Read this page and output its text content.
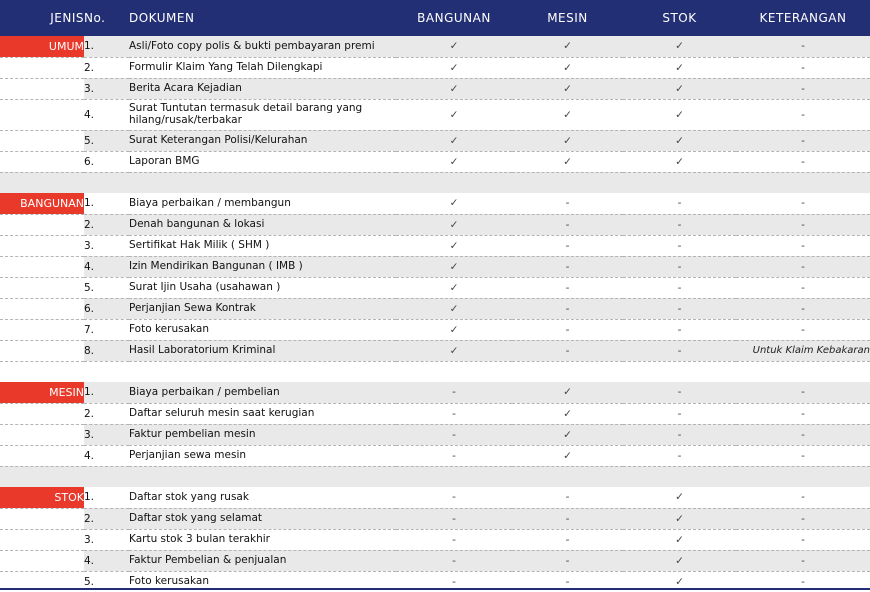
JENIS	No.	DOKUMEN	BANGUNAN	MESIN	STOK	KETERANGAN
UMUM	1.	Asli/Foto copy polis & bukti pembayaran premi	✓	✓	✓	-
	2.	Formulir Klaim Yang Telah Dilengkapi	✓	✓	✓	-
	3.	Berita Acara Kejadian	✓	✓	✓	-
	4.	Surat Tuntutan termasuk detail barang yang hilang/rusak/terbakar	✓	✓	✓	-
	5.	Surat Keterangan Polisi/Kelurahan	✓	✓	✓	-
	6.	Laporan BMG	✓	✓	✓	-

BANGUNAN	1.	Biaya perbaikan / membangun	✓	-	-	-
	2.	Denah bangunan & lokasi	✓	-	-	-
	3.	Sertifikat Hak Milik ( SHM )	✓	-	-	-
	4.	Izin Mendirikan Bangunan ( IMB )	✓	-	-	-
	5.	Surat Ijin Usaha (usahawan )	✓	-	-	-
	6.	Perjanjian Sewa Kontrak	✓	-	-	-
	7.	Foto kerusakan	✓	-	-	-
	8.	Hasil Laboratorium Kriminal	✓	-	-	Untuk Klaim Kebakaran

MESIN	1.	Biaya perbaikan / pembelian	-	✓	-	-
	2.	Daftar seluruh mesin saat kerugian	-	✓	-	-
	3.	Faktur pembelian mesin	-	✓	-	-
	4.	Perjanjian sewa mesin	-	✓	-	-

STOK	1.	Daftar stok yang rusak	-	-	✓	-
	2.	Daftar stok yang selamat	-	-	✓	-
	3.	Kartu stok 3 bulan terakhir	-	-	✓	-
	4.	Faktur Pembelian & penjualan	-	-	✓	-
	5.	Foto kerusakan	-	-	✓	-
